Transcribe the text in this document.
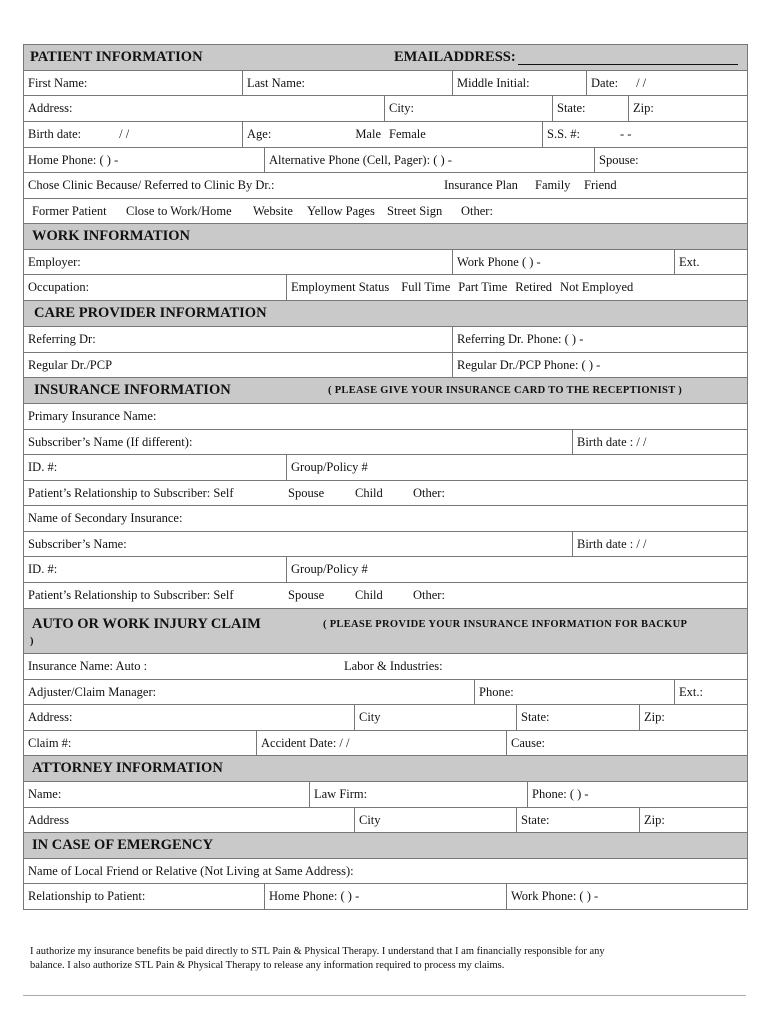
PATIENT INFORMATION	EMAILADDRESS:
First Name:	Last Name:	Middle Initial:	Date: / /
Address:	City:	State:	Zip:
Birth date:	/ /	Age:	Male Female	S.S. #:	- -
Home Phone: ( ) -	Alternative Phone (Cell, Pager): ( ) -	Spouse:
Chose Clinic Because/ Referred to Clinic By Dr.:	Insurance Plan Family Friend
Former Patient Close to Work/Home Website Yellow Pages Street Sign Other:
WORK INFORMATION
Employer:	Work Phone ( ) -	Ext.
Occupation:	Employment Status Full Time Part Time Retired Not Employed
CARE PROVIDER INFORMATION
Referring Dr:	Referring Dr. Phone: ( ) -
Regular Dr./PCP	Regular Dr./PCP Phone: ( ) -
INSURANCE INFORMATION	( PLEASE GIVE YOUR INSURANCE CARD TO THE RECEPTIONIST )
Primary Insurance Name:
Subscriber’s Name (If different):	Birth date : / /
ID. #:	Group/Policy #
Patient’s Relationship to Subscriber: Self	Spouse Child Other:
Name of Secondary Insurance:
Subscriber’s Name:	Birth date : / /
ID. #:	Group/Policy #
Patient’s Relationship to Subscriber: Self	Spouse Child Other:
AUTO OR WORK INJURY CLAIM	( PLEASE PROVIDE YOUR INSURANCE INFORMATION FOR BACKUP
)
Insurance Name: Auto :	Labor & Industries:
Adjuster/Claim Manager:	Phone:	Ext.:
Address:	City	State:	Zip:
Claim #:	Accident Date: / /	Cause:
ATTORNEY INFORMATION
Name:	Law Firm:	Phone: ( ) -
Address	City	State:	Zip:
IN CASE OF EMERGENCY
Name of Local Friend or Relative (Not Living at Same Address):
Relationship to Patient:	Home Phone: ( ) -	Work Phone: ( ) -
I authorize my insurance benefits be paid directly to STL Pain & Physical Therapy. I understand that I am financially responsible for any
balance. I also authorize STL Pain & Physical Therapy to release any information required to process my claims.
